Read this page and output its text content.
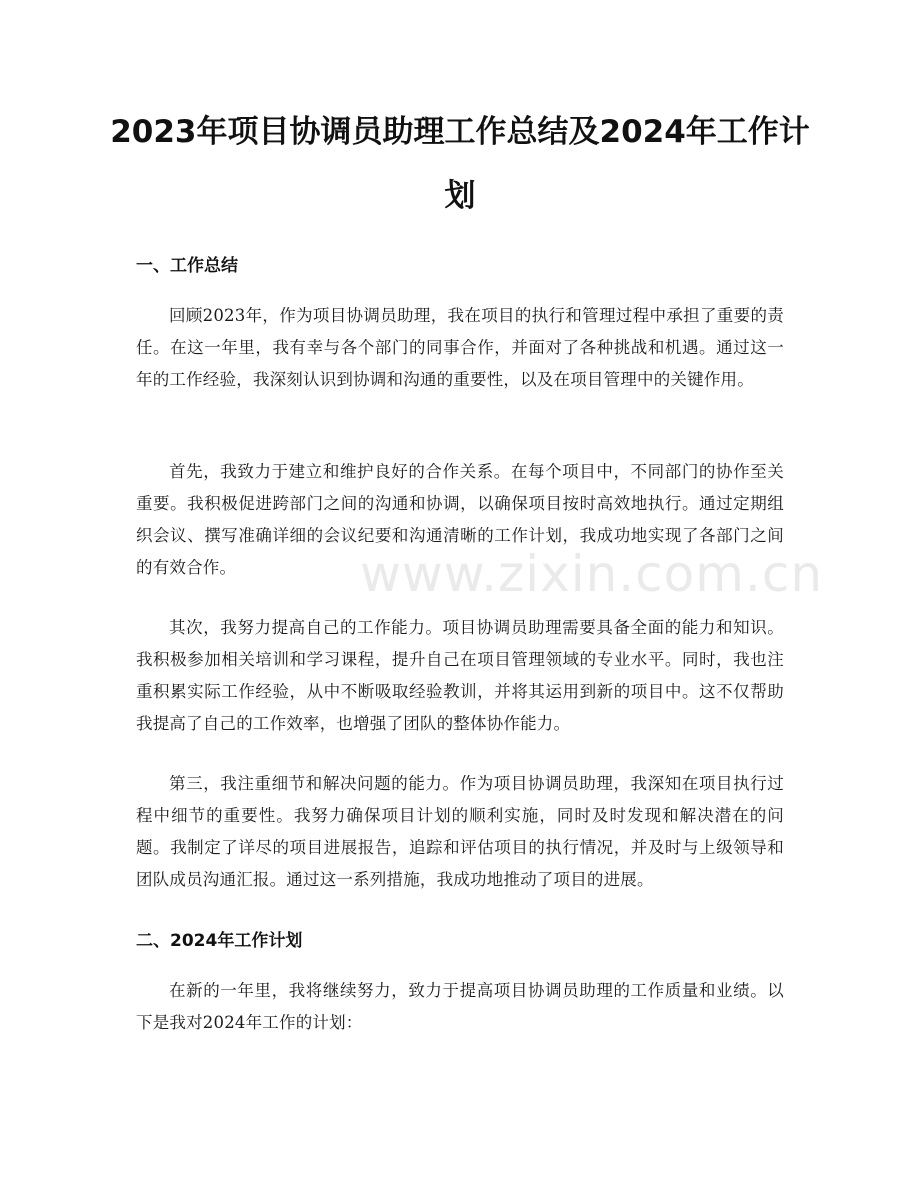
2023年项目协调员助理工作总结及2024年工作计划
一、工作总结

回顾2023年，作为项目协调员助理，我在项目的执行和管理过程中承担了重要的责任。在这一年里，我有幸与各个部门的同事合作，并面对了各种挑战和机遇。通过这一年的工作经验，我深刻认识到协调和沟通的重要性，以及在项目管理中的关键作用。

首先，我致力于建立和维护良好的合作关系。在每个项目中，不同部门的协作至关重要。我积极促进跨部门之间的沟通和协调，以确保项目按时高效地执行。通过定期组织会议、撰写准确详细的会议纪要和沟通清晰的工作计划，我成功地实现了各部门之间的有效合作。

其次，我努力提高自己的工作能力。项目协调员助理需要具备全面的能力和知识。我积极参加相关培训和学习课程，提升自己在项目管理领域的专业水平。同时，我也注重积累实际工作经验，从中不断吸取经验教训，并将其运用到新的项目中。这不仅帮助我提高了自己的工作效率，也增强了团队的整体协作能力。

第三，我注重细节和解决问题的能力。作为项目协调员助理，我深知在项目执行过程中细节的重要性。我努力确保项目计划的顺利实施，同时及时发现和解决潜在的问题。我制定了详尽的项目进展报告，追踪和评估项目的执行情况，并及时与上级领导和团队成员沟通汇报。通过这一系列措施，我成功地推动了项目的进展。

二、2024年工作计划

在新的一年里，我将继续努力，致力于提高项目协调员助理的工作质量和业绩。以下是我对2024年工作的计划：

www.zixin.com.cn
